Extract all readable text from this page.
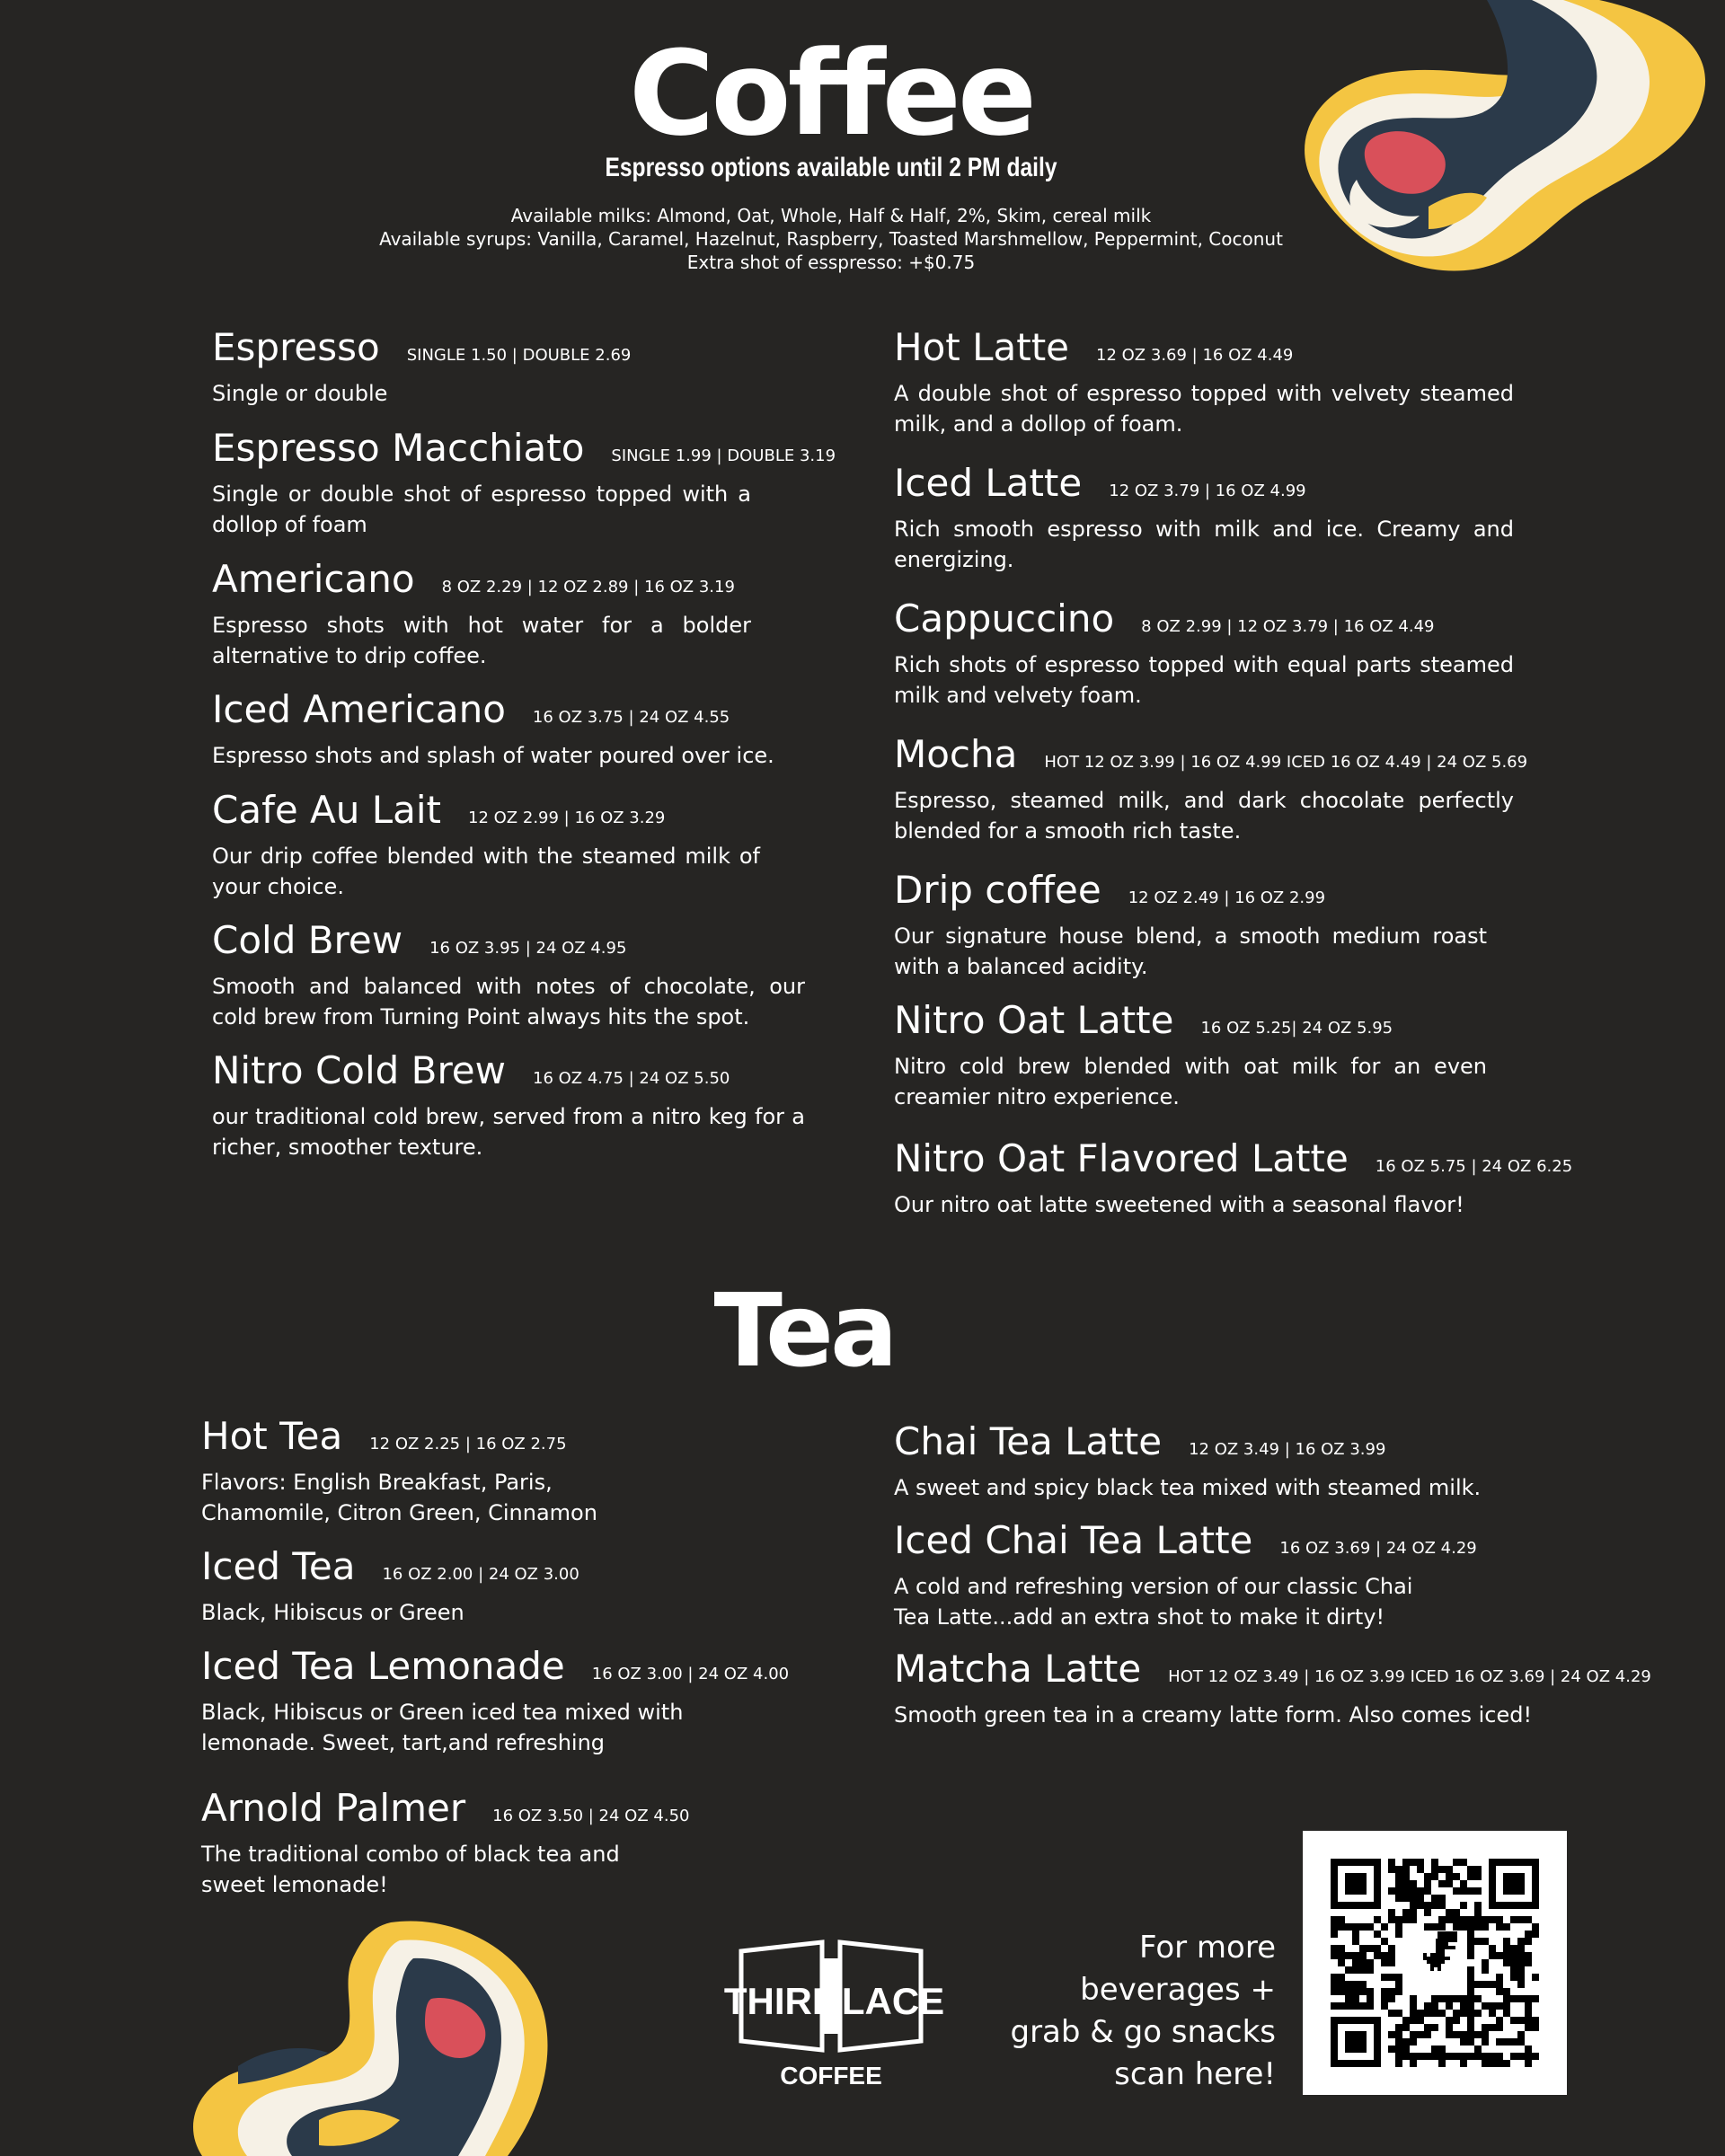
Coffee
Espresso options available until 2 PM daily
Available milks: Almond, Oat, Whole, Half & Half, 2%, Skim, cereal milk
Available syrups: Vanilla, Caramel, Hazelnut, Raspberry, Toasted Marshmellow, Peppermint, Coconut
Extra shot of esspresso: +$0.75
Espresso SINGLE 1.50 | DOUBLE 2.69
Single or double
Espresso Macchiato SINGLE 1.99 | DOUBLE 3.19
Single or double shot of espresso topped with a dollop of foam
Americano 8 OZ 2.29 | 12 OZ 2.89 | 16 OZ 3.19
Espresso shots with hot water for a bolder alternative to drip coffee.
Iced Americano 16 OZ 3.75 | 24 OZ 4.55
Espresso shots and splash of water poured over ice.
Cafe Au Lait 12 OZ 2.99 | 16 OZ 3.29
Our drip coffee blended with the steamed milk of your choice.
Cold Brew 16 OZ 3.95 | 24 OZ 4.95
Smooth and balanced with notes of chocolate, our cold brew from Turning Point always hits the spot.
Nitro Cold Brew 16 OZ 4.75 | 24 OZ 5.50
our traditional cold brew, served from a nitro keg for a richer, smoother texture.
Hot Latte 12 OZ 3.69 | 16 OZ 4.49
A double shot of espresso topped with velvety steamed milk, and a dollop of foam.
Iced Latte 12 OZ 3.79 | 16 OZ 4.99
Rich smooth espresso with milk and ice. Creamy and energizing.
Cappuccino 8 OZ 2.99 | 12 OZ 3.79 | 16 OZ 4.49
Rich shots of espresso topped with equal parts steamed milk and velvety foam.
Mocha HOT 12 OZ 3.99 | 16 OZ 4.99 ICED 16 OZ 4.49 | 24 OZ 5.69
Espresso, steamed milk, and dark chocolate perfectly blended for a smooth rich taste.
Drip coffee 12 OZ 2.49 | 16 OZ 2.99
Our signature house blend, a smooth medium roast with a balanced acidity.
Nitro Oat Latte 16 OZ 5.25| 24 OZ 5.95
Nitro cold brew blended with oat milk for an even creamier nitro experience.
Nitro Oat Flavored Latte 16 OZ 5.75 | 24 OZ 6.25
Our nitro oat latte sweetened with a seasonal flavor!
Tea
Hot Tea 12 OZ 2.25 | 16 OZ 2.75
Flavors: English Breakfast, Paris, Chamomile, Citron Green, Cinnamon
Iced Tea 16 OZ 2.00 | 24 OZ 3.00
Black, Hibiscus or Green
Iced Tea Lemonade 16 OZ 3.00 | 24 OZ 4.00
Black, Hibiscus or Green iced tea mixed with lemonade. Sweet, tart,and refreshing
Arnold Palmer 16 OZ 3.50 | 24 OZ 4.50
The traditional combo of black tea and sweet lemonade!
Chai Tea Latte 12 OZ 3.49 | 16 OZ 3.99
A sweet and spicy black tea mixed with steamed milk.
Iced Chai Tea Latte 16 OZ 3.69 | 24 OZ 4.29
A cold and refreshing version of our classic Chai Tea Latte...add an extra shot to make it dirty!
Matcha Latte HOT 12 OZ 3.49 | 16 OZ 3.99 ICED 16 OZ 3.69 | 24 OZ 4.29
Smooth green tea in a creamy latte form. Also comes iced!
THIRD
PLACE
COFFEE
For more
beverages +
grab & go snacks
scan here!
